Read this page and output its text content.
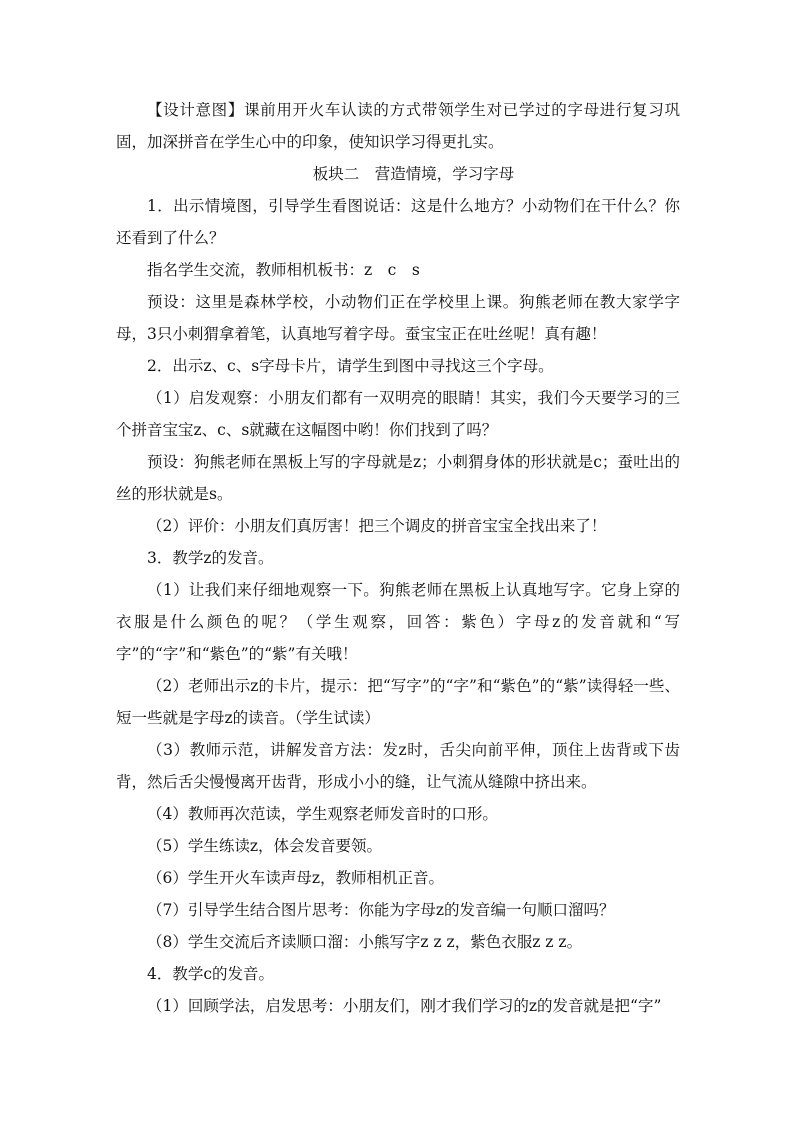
【设计意图】课前用开火车认读的方式带领学生对已学过的字母进行复习巩固，加深拼音在学生心中的印象，使知识学习得更扎实。

板块二　营造情境，学习字母

1．出示情境图，引导学生看图说话：这是什么地方？小动物们在干什么？你还看到了什么？

指名学生交流，教师相机板书：z　c　s

预设：这里是森林学校，小动物们正在学校里上课。狗熊老师在教大家学字母，3只小刺猬拿着笔，认真地写着字母。蚕宝宝正在吐丝呢！真有趣！

2．出示z、c、s字母卡片，请学生到图中寻找这三个字母。

（1）启发观察：小朋友们都有一双明亮的眼睛！其实，我们今天要学习的三个拼音宝宝z、c、s就藏在这幅图中哟！你们找到了吗？

预设：狗熊老师在黑板上写的字母就是z；小刺猬身体的形状就是c；蚕吐出的丝的形状就是s。

（2）评价：小朋友们真厉害！把三个调皮的拼音宝宝全找出来了！

3．教学z的发音。

（1）让我们来仔细地观察一下。狗熊老师在黑板上认真地写字。它身上穿的衣服是什么颜色的呢？（学生观察，回答：紫色）字母z的发音就和“写字”的“字”和“紫色”的“紫”有关哦！

（2）老师出示z的卡片，提示：把“写字”的“字”和“紫色”的“紫”读得轻一些、短一些就是字母z的读音。（学生试读）

（3）教师示范，讲解发音方法：发z时，舌尖向前平伸，顶住上齿背或下齿背，然后舌尖慢慢离开齿背，形成小小的缝，让气流从缝隙中挤出来。

（4）教师再次范读，学生观察老师发音时的口形。

（5）学生练读z，体会发音要领。

（6）学生开火车读声母z，教师相机正音。

（7）引导学生结合图片思考：你能为字母z的发音编一句顺口溜吗？

（8）学生交流后齐读顺口溜：小熊写字z z z，紫色衣服z z z。

4．教学c的发音。

（1）回顾学法，启发思考：小朋友们，刚才我们学习的z的发音就是把“字”
